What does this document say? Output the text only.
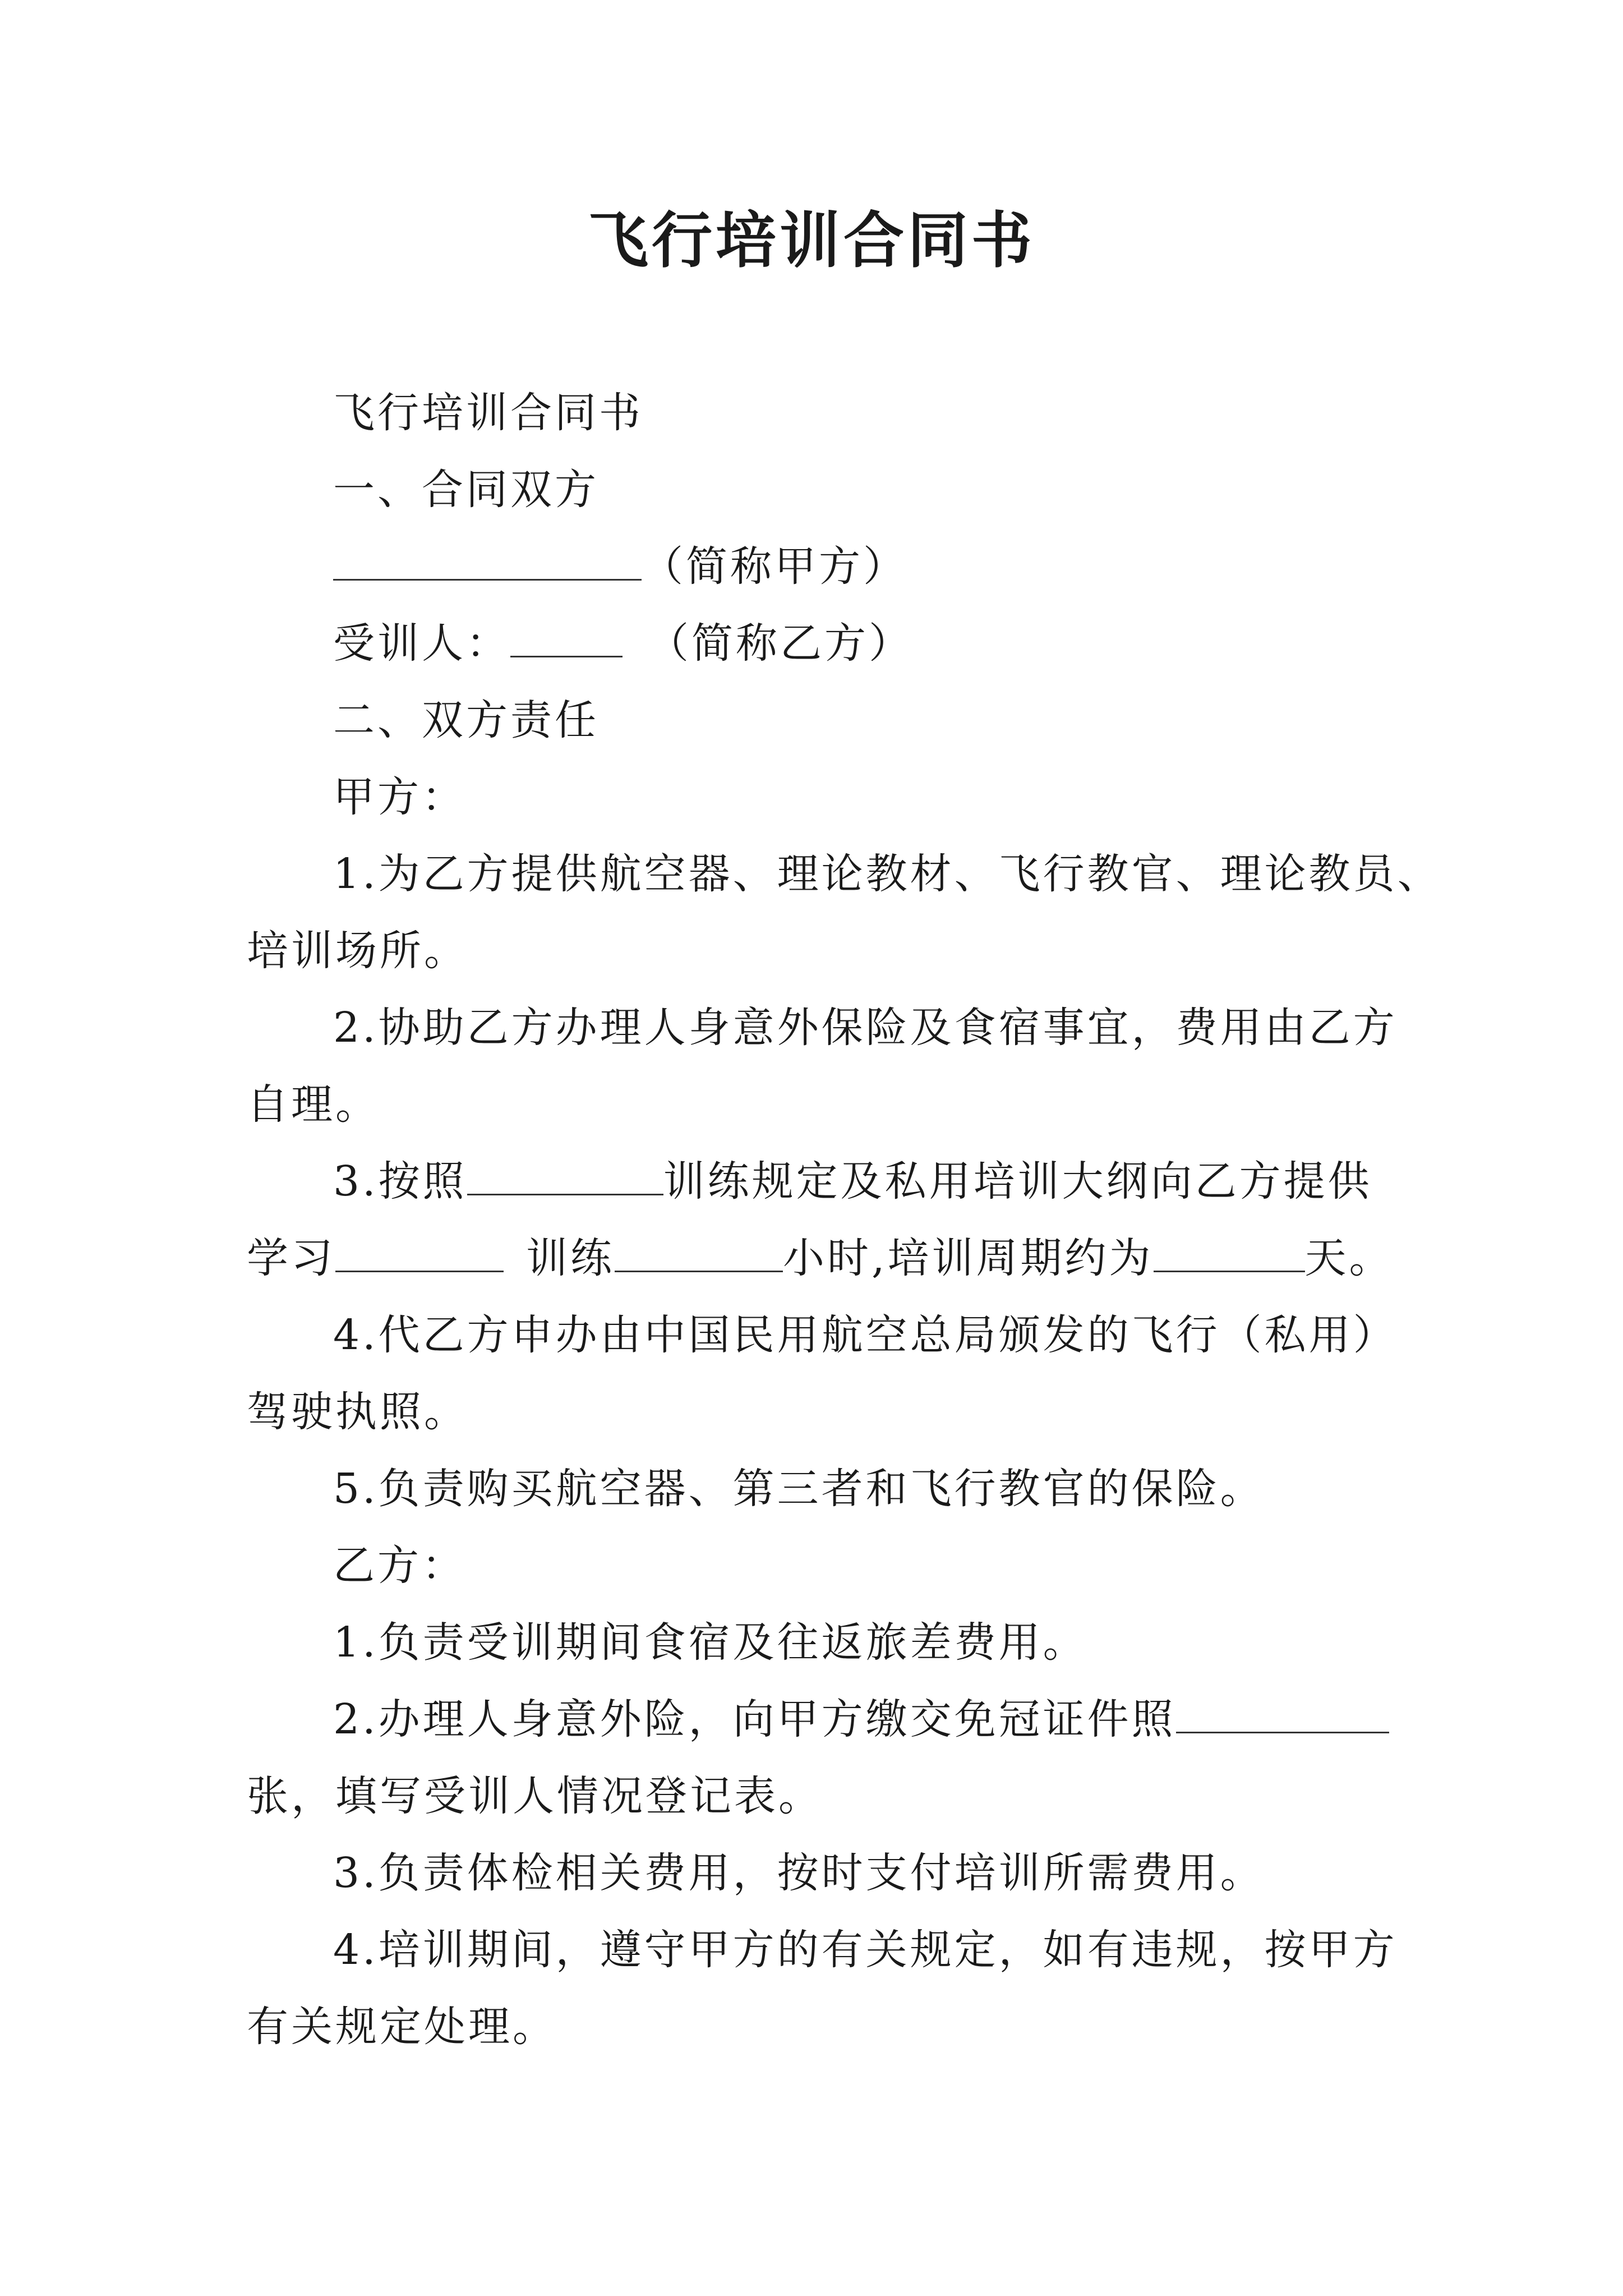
飞行培训合同书
飞行培训合同书
一、合同双方
（简称甲方）
受训人：	（简称乙方）
二、双方责任
甲方：
1.为乙方提供航空器、理论教材、飞行教官、理论教员、
培训场所。
2.协助乙方办理人身意外保险及食宿事宜，费用由乙方
自理。
3.按照	训练规定及私用培训大纲向乙方提供
学习	训练	小时,培训周期约为	天。
4.代乙方申办由中国民用航空总局颁发的飞行（私用）
驾驶执照。
5.负责购买航空器、第三者和飞行教官的保险。
乙方：
1.负责受训期间食宿及往返旅差费用。
2.办理人身意外险，向甲方缴交免冠证件照
张，填写受训人情况登记表。
3.负责体检相关费用，按时支付培训所需费用。
4.培训期间，遵守甲方的有关规定，如有违规，按甲方
有关规定处理。
